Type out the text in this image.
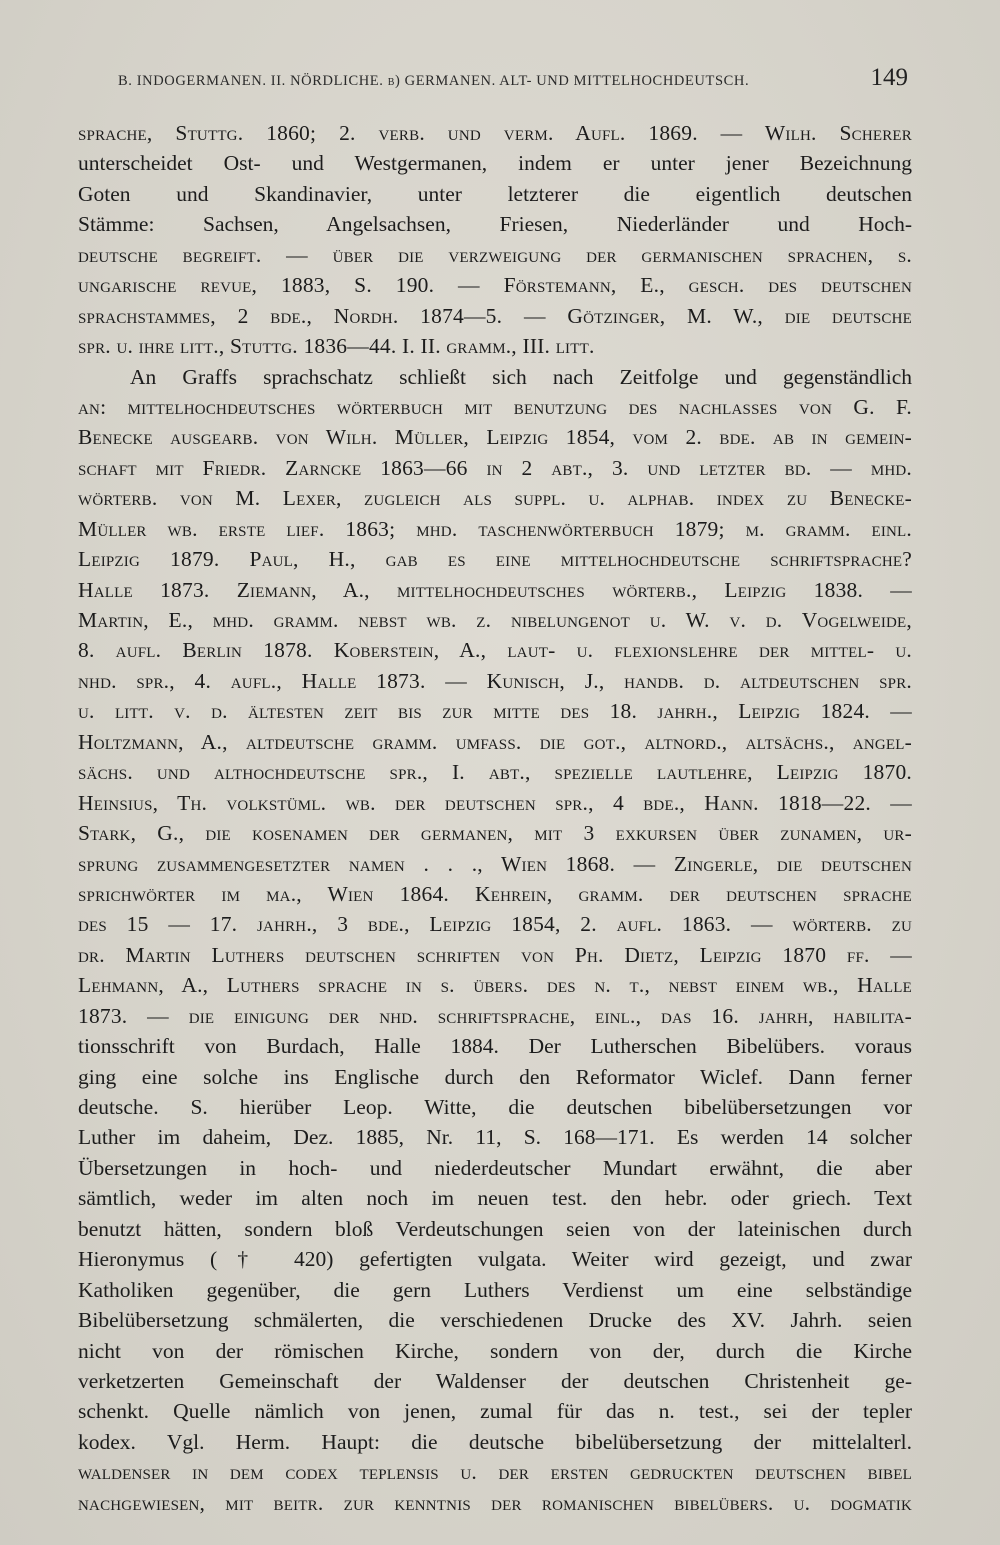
B. INDOGERMANEN. II. NÖRDLICHE. b) GERMANEN. ALT- UND MITTELHOCHDEUTSCH.	149
sprache, Stuttg. 1860; 2. verb. und verm. Aufl. 1869. — Wilh. Scherer
unterscheidet Ost- und Westgermanen, indem er unter jener Bezeichnung
Goten und Skandinavier, unter letzterer die eigentlich deutschen
Stämme: Sachsen, Angelsachsen, Friesen, Niederländer und Hoch-
deutsche begreift. — über die verzweigung der germanischen sprachen, s.
ungarische revue, 1883, S. 190. — Förstemann, E., gesch. des deutschen
sprachstammes, 2 bde., Nordh. 1874—5. — Götzinger, M. W., die deutsche
spr. u. ihre litt., Stuttg. 1836—44. I. II. gramm., III. litt.
An Graffs sprachschatz schließt sich nach Zeitfolge und gegenständlich
an: mittelhochdeutsches wörterbuch mit benutzung des nachlasses von G. F.
Benecke ausgearb. von Wilh. Müller, Leipzig 1854, vom 2. bde. ab in gemein-
schaft mit Friedr. Zarncke 1863—66 in 2 abt., 3. und letzter bd. — mhd.
wörterb. von M. Lexer, zugleich als suppl. u. alphab. index zu Benecke-
Müller wb. erste lief. 1863; mhd. taschenwörterbuch 1879; m. gramm. einl.
Leipzig 1879. Paul, H., gab es eine mittelhochdeutsche schriftsprache?
Halle 1873. Ziemann, A., mittelhochdeutsches wörterb., Leipzig 1838. —
Martin, E., mhd. gramm. nebst wb. z. nibelungenot u. W. v. d. Vogelweide,
8. aufl. Berlin 1878. Koberstein, A., laut- u. flexionslehre der mittel- u.
nhd. spr., 4. aufl., Halle 1873. — Kunisch, J., handb. d. altdeutschen spr.
u. litt. v. d. ältesten zeit bis zur mitte des 18. jahrh., Leipzig 1824. —
Holtzmann, A., altdeutsche gramm. umfass. die got., altnord., altsächs., angel-
sächs. und althochdeutsche spr., I. abt., spezielle lautlehre, Leipzig 1870.
Heinsius, Th. volkstüml. wb. der deutschen spr., 4 bde., Hann. 1818—22. —
Stark, G., die kosenamen der germanen, mit 3 exkursen über zunamen, ur-
sprung zusammengesetzter namen . . ., Wien 1868. — Zingerle, die deutschen
sprichwörter im ma., Wien 1864. Kehrein, gramm. der deutschen sprache
des 15 — 17. jahrh., 3 bde., Leipzig 1854, 2. aufl. 1863. — wörterb. zu
dr. Martin Luthers deutschen schriften von Ph. Dietz, Leipzig 1870 ff. —
Lehmann, A., Luthers sprache in s. übers. des n. t., nebst einem wb., Halle
1873. — die einigung der nhd. schriftsprache, einl., das 16. jahrh, habilita-
tionsschrift von Burdach, Halle 1884. Der Lutherschen Bibelübers. voraus
ging eine solche ins Englische durch den Reformator Wiclef. Dann ferner
deutsche. S. hierüber Leop. Witte, die deutschen bibelübersetzungen vor
Luther im daheim, Dez. 1885, Nr. 11, S. 168—171. Es werden 14 solcher
Übersetzungen in hoch- und niederdeutscher Mundart erwähnt, die aber
sämtlich, weder im alten noch im neuen test. den hebr. oder griech. Text
benutzt hätten, sondern bloß Verdeutschungen seien von der lateinischen durch
Hieronymus († 420) gefertigten vulgata. Weiter wird gezeigt, und zwar
Katholiken gegenüber, die gern Luthers Verdienst um eine selbständige
Bibelübersetzung schmälerten, die verschiedenen Drucke des XV. Jahrh. seien
nicht von der römischen Kirche, sondern von der, durch die Kirche
verketzerten Gemeinschaft der Waldenser der deutschen Christenheit ge-
schenkt. Quelle nämlich von jenen, zumal für das n. test., sei der tepler
kodex. Vgl. Herm. Haupt: die deutsche bibelübersetzung der mittelalterl.
waldenser in dem codex teplensis u. der ersten gedruckten deutschen bibel
nachgewiesen, mit beitr. zur kenntnis der romanischen bibelübers. u. dogmatik
